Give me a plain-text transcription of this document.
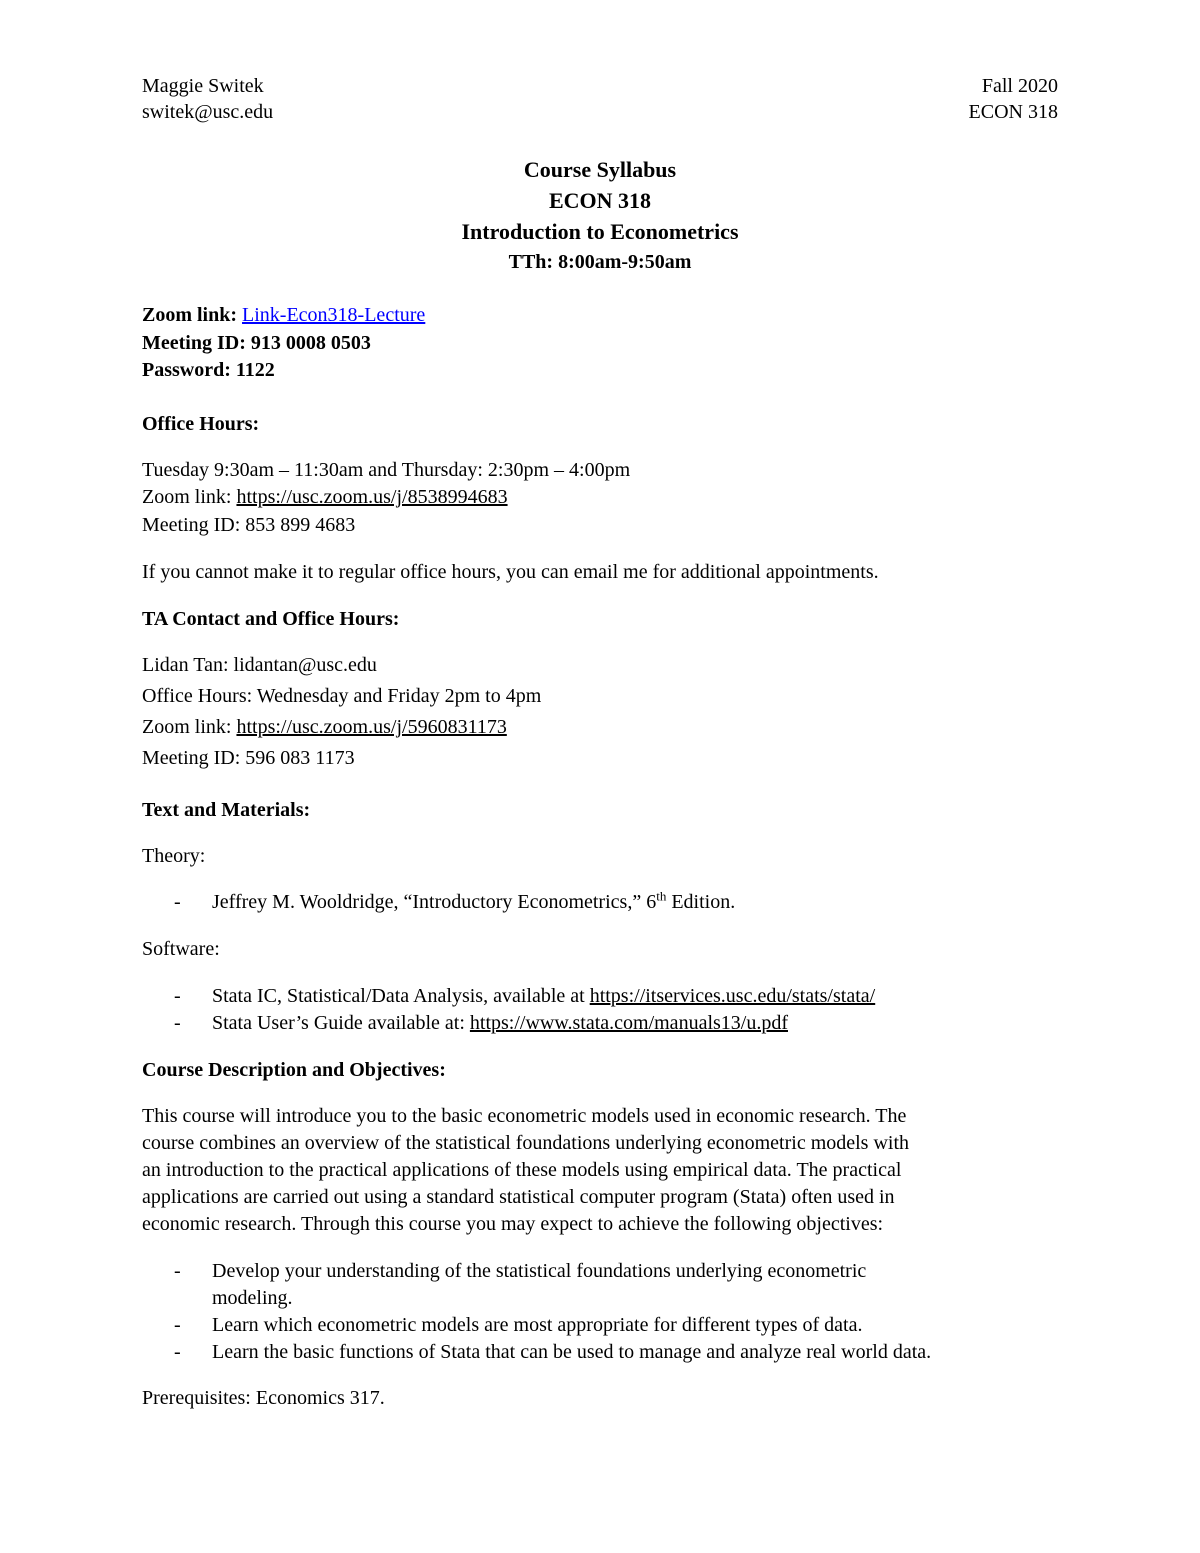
Maggie Switek
switek@usc.edu
Fall 2020
ECON 318
Course Syllabus
ECON 318
Introduction to Econometrics
TTh: 8:00am-9:50am
Zoom link: Link-Econ318-Lecture
Meeting ID: 913 0008 0503
Password: 1122
Office Hours:
Tuesday 9:30am – 11:30am and Thursday: 2:30pm – 4:00pm
Zoom link: https://usc.zoom.us/j/8538994683
Meeting ID: 853 899 4683
If you cannot make it to regular office hours, you can email me for additional appointments.
TA Contact and Office Hours:
Lidan Tan: lidantan@usc.edu
Office Hours: Wednesday and Friday 2pm to 4pm
Zoom link: https://usc.zoom.us/j/5960831173
Meeting ID: 596 083 1173
Text and Materials:
Theory:
- Jeffrey M. Wooldridge, “Introductory Econometrics,” 6th Edition.
Software:
- Stata IC, Statistical/Data Analysis, available at https://itservices.usc.edu/stats/stata/
- Stata User’s Guide available at: https://www.stata.com/manuals13/u.pdf
Course Description and Objectives:
This course will introduce you to the basic econometric models used in economic research. The
course combines an overview of the statistical foundations underlying econometric models with
an introduction to the practical applications of these models using empirical data. The practical
applications are carried out using a standard statistical computer program (Stata) often used in
economic research. Through this course you may expect to achieve the following objectives:
- Develop your understanding of the statistical foundations underlying econometric
modeling.
- Learn which econometric models are most appropriate for different types of data.
- Learn the basic functions of Stata that can be used to manage and analyze real world data.
Prerequisites: Economics 317.
